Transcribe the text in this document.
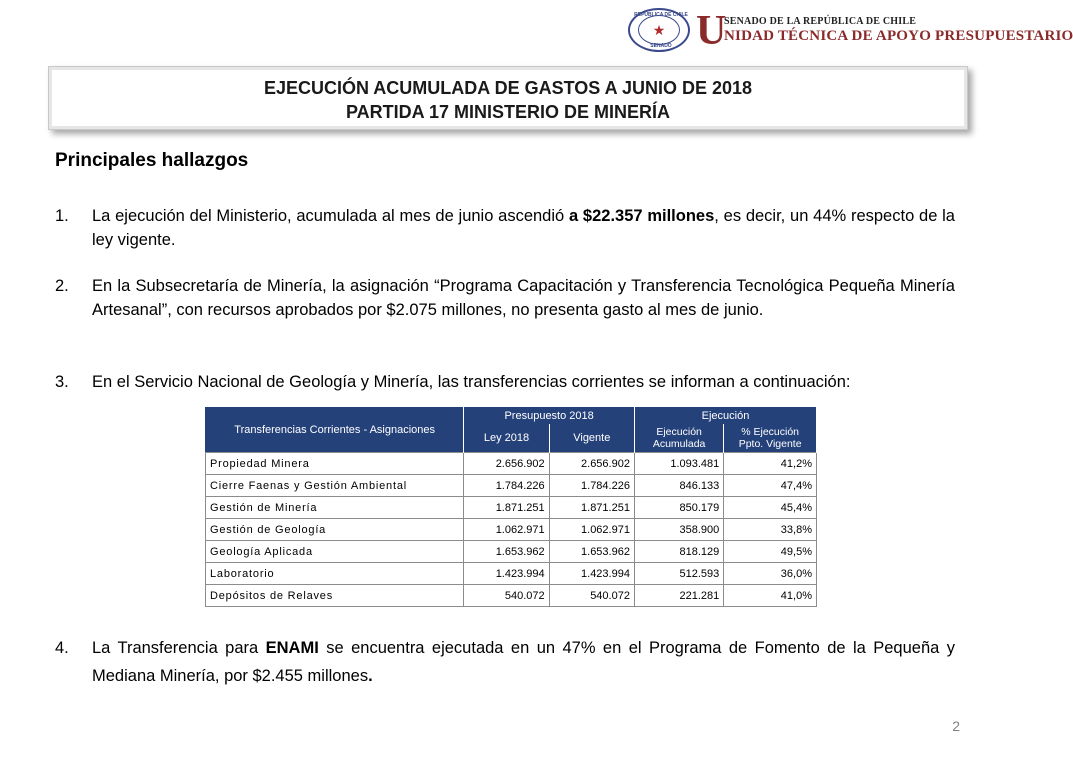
REPÚBLICA DE CHILE
★
SENADO U
SENADO DE LA REPÚBLICA DE CHILE
NIDAD TÉCNICA DE APOYO PRESUPUESTARIO
EJECUCIÓN ACUMULADA DE GASTOS A JUNIO DE 2018
PARTIDA 17 MINISTERIO DE MINERÍA
Principales hallazgos
1. La ejecución del Ministerio, acumulada al mes de junio ascendió a $22.357 millones, es decir, un 44% respecto de la ley vigente.
2. En la Subsecretaría de Minería, la asignación “Programa Capacitación y Transferencia Tecnológica Pequeña Minería Artesanal”, con recursos aprobados por $2.075 millones, no presenta gasto al mes de junio.
3. En el Servicio Nacional de Geología y Minería, las transferencias corrientes se informan a continuación:
Transferencias Corrientes - Asignaciones	Presupuesto 2018		Ejecución	
	Ley 2018	Vigente	Ejecución Acumulada	% Ejecución Ppto. Vigente
Propiedad Minera	2.656.902	2.656.902	1.093.481	41,2%
Cierre Faenas y Gestión Ambiental	1.784.226	1.784.226	846.133	47,4%
Gestión de Minería	1.871.251	1.871.251	850.179	45,4%
Gestión de Geología	1.062.971	1.062.971	358.900	33,8%
Geología Aplicada	1.653.962	1.653.962	818.129	49,5%
Laboratorio	1.423.994	1.423.994	512.593	36,0%
Depósitos de Relaves	540.072	540.072	221.281	41,0%
4. La Transferencia para ENAMI se encuentra ejecutada en un 47% en el Programa de Fomento de la Pequeña y Mediana Minería, por $2.455 millones.
2
